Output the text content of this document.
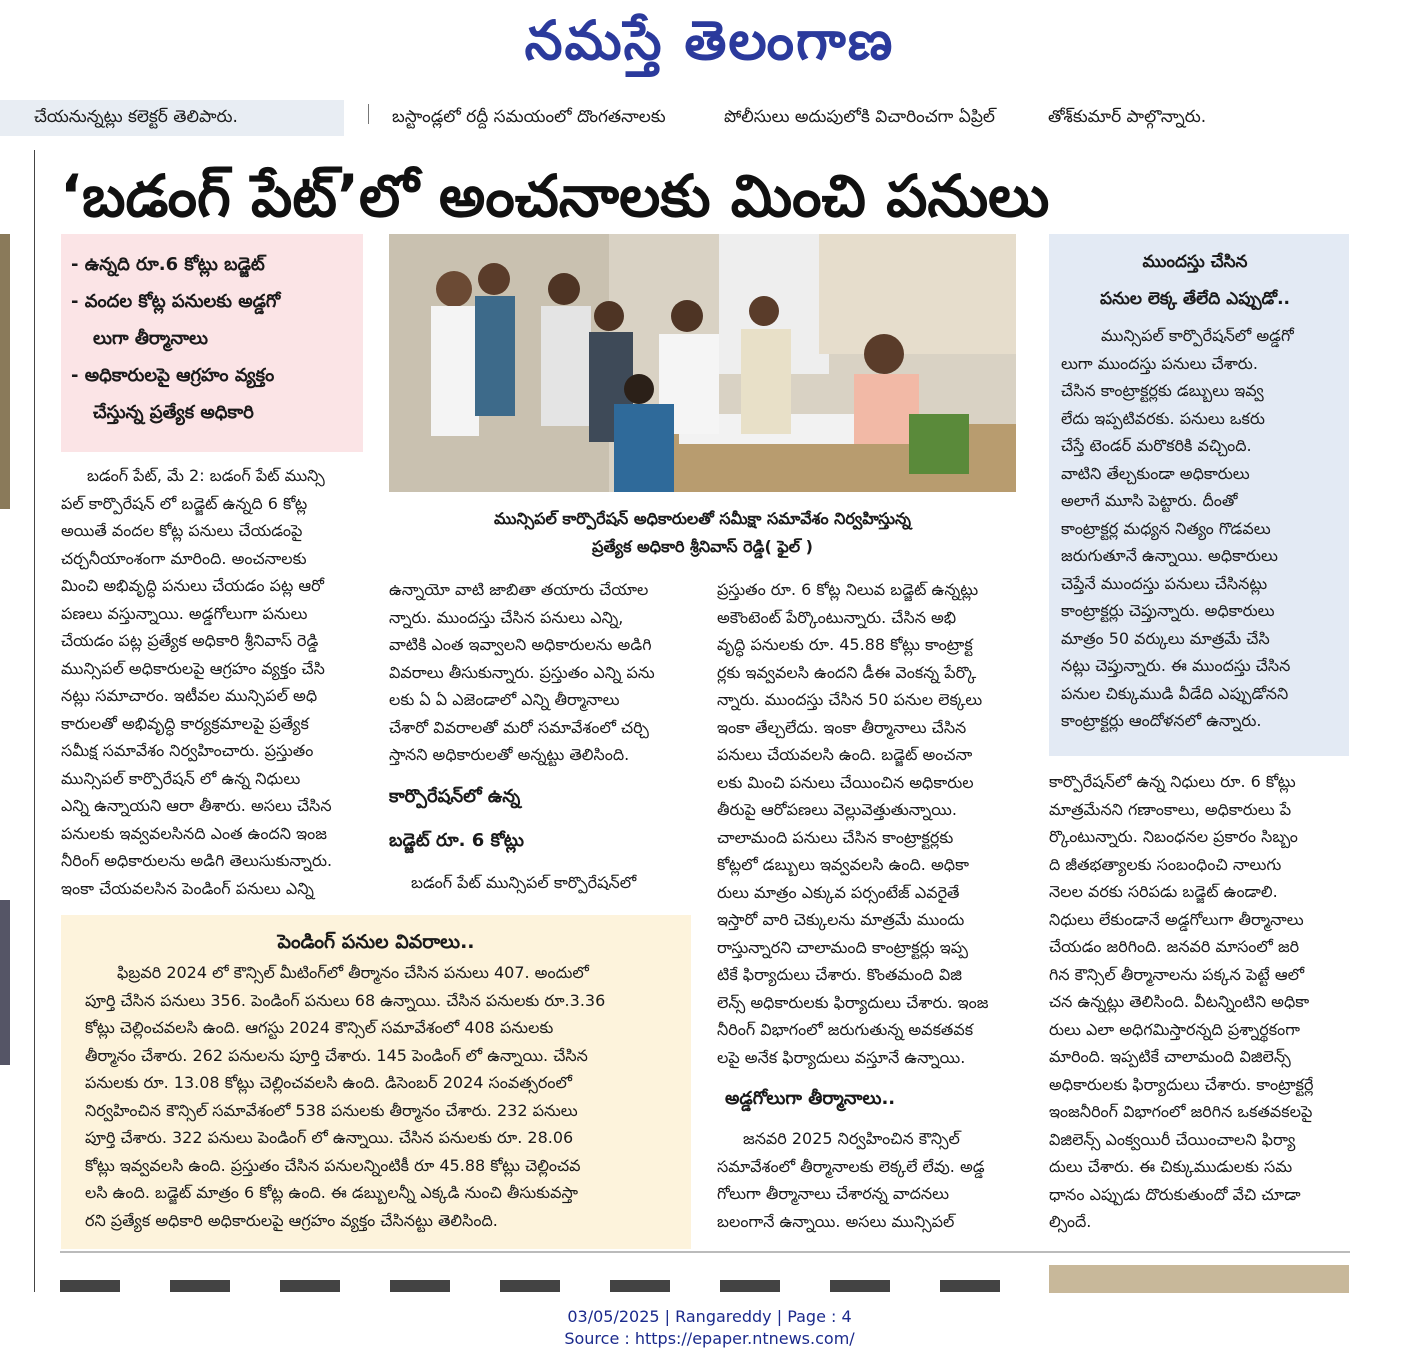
నమస్తే తెలంగాణ
చేయనున్నట్లు కలెక్టర్ తెలిపారు.	బస్టాండ్లలో రద్దీ సమయంలో దొంగతనాలకు	పోలీసులు అదుపులోకి విచారించగా ఏప్రిల్	తోశ్‌కుమార్ పాల్గొన్నారు.
‘బడంగ్ పేట్’లో అంచనాలకు మించి పనులు

- ఉన్నది రూ.6 కోట్లు బడ్జెట్

- వందల కోట్ల పనులకు అడ్డగో

లుగా తీర్మానాలు

- అధికారులపై ఆగ్రహం వ్యక్తం

చేస్తున్న ప్రత్యేక అధికారి

మున్సిపల్ కార్పొరేషన్ అధికారులతో సమీక్షా సమావేశం నిర్వహిస్తున్న
ప్రత్యేక అధికారి శ్రీనివాస్ రెడ్డి( ఫైల్ )

బడంగ్ పేట్, మే 2: బడంగ్ పేట్ మున్సి

పల్ కార్పొరేషన్ లో బడ్జెట్ ఉన్నది 6 కోట్ల

అయితే వందల కోట్ల పనులు చేయడంపై

చర్చనీయాంశంగా మారింది. అంచనాలకు

మించి అభివృద్ధి పనులు చేయడం పట్ల ఆరో

పణలు వస్తున్నాయి. అడ్డగోలుగా పనులు

చేయడం పట్ల ప్రత్యేక అధికారి శ్రీనివాస్ రెడ్డి

మున్సిపల్ అధికారులపై ఆగ్రహం వ్యక్తం చేసి

నట్లు సమాచారం. ఇటీవల మున్సిపల్ అధి

కారులతో అభివృద్ధి కార్యక్రమాలపై ప్రత్యేక

సమీక్ష సమావేశం నిర్వహించారు. ప్రస్తుతం

మున్సిపల్ కార్పొరేషన్ లో ఉన్న నిధులు

ఎన్ని ఉన్నాయని ఆరా తీశారు. అసలు చేసిన

పనులకు ఇవ్వవలసినది ఎంత ఉందని ఇంజ

నీరింగ్ అధికారులను అడిగి తెలుసుకున్నారు.

ఇంకా చేయవలసిన పెండింగ్ పనులు ఎన్ని

ఉన్నాయో వాటి జాబితా తయారు చేయాల

న్నారు. ముందస్తు చేసిన పనులు ఎన్ని,

వాటికి ఎంత ఇవ్వాలని అధికారులను అడిగి

వివరాలు తీసుకున్నారు. ప్రస్తుతం ఎన్ని పను

లకు ఏ ఏ ఎజెండాలో ఎన్ని తీర్మానాలు

చేశారో వివరాలతో మరో సమావేశంలో చర్చి

స్తానని అధికారులతో అన్నట్టు తెలిసింది.

కార్పొరేషన్‌లో ఉన్న
బడ్జెట్ రూ. 6 కోట్లు

బడంగ్ పేట్ మున్సిపల్ కార్పొరేషన్‌లో

ప్రస్తుతం రూ. 6 కోట్ల నిలువ బడ్జెట్ ఉన్నట్లు

అకౌంటెంట్ పేర్కొంటున్నారు. చేసిన అభి

వృద్ధి పనులకు రూ. 45.88 కోట్లు కాంట్రాక్ట

ర్లకు ఇవ్వవలసి ఉందని డీఈ వెంకన్న పేర్కొ

న్నారు. ముందస్తు చేసిన 50 పనుల లెక్కలు

ఇంకా తేల్చలేదు. ఇంకా తీర్మానాలు చేసిన

పనులు చేయవలసి ఉంది. బడ్జెట్ అంచనా

లకు మించి పనులు చేయించిన అధికారుల

తీరుపై ఆరోపణలు వెల్లువెత్తుతున్నాయి.

చాలామంది పనులు చేసిన కాంట్రాక్టర్లకు

కోట్లలో డబ్బులు ఇవ్వవలసి ఉంది. అధికా

రులు మాత్రం ఎక్కువ పర్సంటేజ్ ఎవరైతే

ఇస్తారో వారి చెక్కులను మాత్రమే ముందు

రాస్తున్నారని చాలామంది కాంట్రాక్టర్లు ఇప్ప

టికే ఫిర్యాదులు చేశారు. కొంతమంది విజి

లెన్స్ అధికారులకు ఫిర్యాదులు చేశారు. ఇంజ

నీరింగ్ విభాగంలో జరుగుతున్న అవకతవక

లపై అనేక ఫిర్యాదులు వస్తూనే ఉన్నాయి.

అడ్డగోలుగా తీర్మానాలు..

జనవరి 2025 నిర్వహించిన కౌన్సిల్

సమావేశంలో తీర్మానాలకు లెక్కలే లేవు. అడ్డ

గోలుగా తీర్మానాలు చేశారన్న వాదనలు

బలంగానే ఉన్నాయి. అసలు మున్సిపల్

ముందస్తు చేసిన
పనుల లెక్క తేలేది ఎప్పుడో..

మున్సిపల్ కార్పొరేషన్‌లో అడ్డగో

లుగా ముందస్తు పనులు చేశారు.

చేసిన కాంట్రాక్టర్లకు డబ్బులు ఇవ్వ

లేదు ఇప్పటివరకు. పనులు ఒకరు

చేస్తే టెండర్ మరొకరికి వచ్చింది.

వాటిని తేల్చకుండా అధికారులు

అలాగే మూసి పెట్టారు. దీంతో

కాంట్రాక్టర్ల మధ్యన నిత్యం గొడవలు

జరుగుతూనే ఉన్నాయి. అధికారులు

చెప్తేనే ముందస్తు పనులు చేసినట్లు

కాంట్రాక్టర్లు చెప్తున్నారు. అధికారులు

మాత్రం 50 వర్కులు మాత్రమే చేసి

నట్లు చెప్తున్నారు. ఈ ముందస్తు చేసిన

పనుల చిక్కుముడి వీడేది ఎప్పుడోనని

కాంట్రాక్టర్లు ఆందోళనలో ఉన్నారు.

కార్పొరేషన్‌లో ఉన్న నిధులు రూ. 6 కోట్లు

మాత్రమేనని గణాంకాలు, అధికారులు పే

ర్కొంటున్నారు. నిబంధనల ప్రకారం సిబ్బం

ది జీతభత్యాలకు సంబంధించి నాలుగు

నెలల వరకు సరిపడు బడ్జెట్ ఉండాలి.

నిధులు లేకుండానే అడ్డగోలుగా తీర్మానాలు

చేయడం జరిగింది. జనవరి మాసంలో జరి

గిన కౌన్సిల్ తీర్మానాలను పక్కన పెట్టే ఆలో

చన ఉన్నట్లు తెలిసింది. వీటన్నింటిని అధికా

రులు ఎలా అధిగమిస్తారన్నది ప్రశ్నార్థకంగా

మారింది. ఇప్పటికే చాలామంది విజిలెన్స్

అధికారులకు ఫిర్యాదులు చేశారు. కాంట్రాక్టర్లే

ఇంజనీరింగ్ విభాగంలో జరిగిన ఒకతవకలపై

విజిలెన్స్ ఎంక్వయిరీ చేయించాలని ఫిర్యా

దులు చేశారు. ఈ చిక్కుముడులకు సమ

ధానం ఎప్పుడు దొరుకుతుందో వేచి చూడా

ల్సిందే.

పెండింగ్ పనుల వివరాలు..

ఫిబ్రవరి 2024 లో కౌన్సిల్ మీటింగ్‌లో తీర్మానం చేసిన పనులు 407. అందులో

పూర్తి చేసిన పనులు 356. పెండింగ్ పనులు 68 ఉన్నాయి. చేసిన పనులకు రూ.3.36

కోట్లు చెల్లించవలసి ఉంది. ఆగస్టు 2024 కౌన్సిల్ సమావేశంలో 408 పనులకు

తీర్మానం చేశారు. 262 పనులను పూర్తి చేశారు. 145 పెండింగ్ లో ఉన్నాయి. చేసిన

పనులకు రూ. 13.08 కోట్లు చెల్లించవలసి ఉంది. డిసెంబర్ 2024 సంవత్సరంలో

నిర్వహించిన కౌన్సిల్ సమావేశంలో 538 పనులకు తీర్మానం చేశారు. 232 పనులు

పూర్తి చేశారు. 322 పనులు పెండింగ్ లో ఉన్నాయి. చేసిన పనులకు రూ. 28.06

కోట్లు ఇవ్వవలసి ఉంది. ప్రస్తుతం చేసిన పనులన్నింటికీ రూ 45.88 కోట్లు చెల్లించవ

లసి ఉంది. బడ్జెట్ మాత్రం 6 కోట్ల ఉంది. ఈ డబ్బులన్నీ ఎక్కడి నుంచి తీసుకువస్తా

రని ప్రత్యేక అధికారి అధికారులపై ఆగ్రహం వ్యక్తం చేసినట్టు తెలిసింది.

03/05/2025 | Rangareddy | Page : 4
Source : https://epaper.ntnews.com/
